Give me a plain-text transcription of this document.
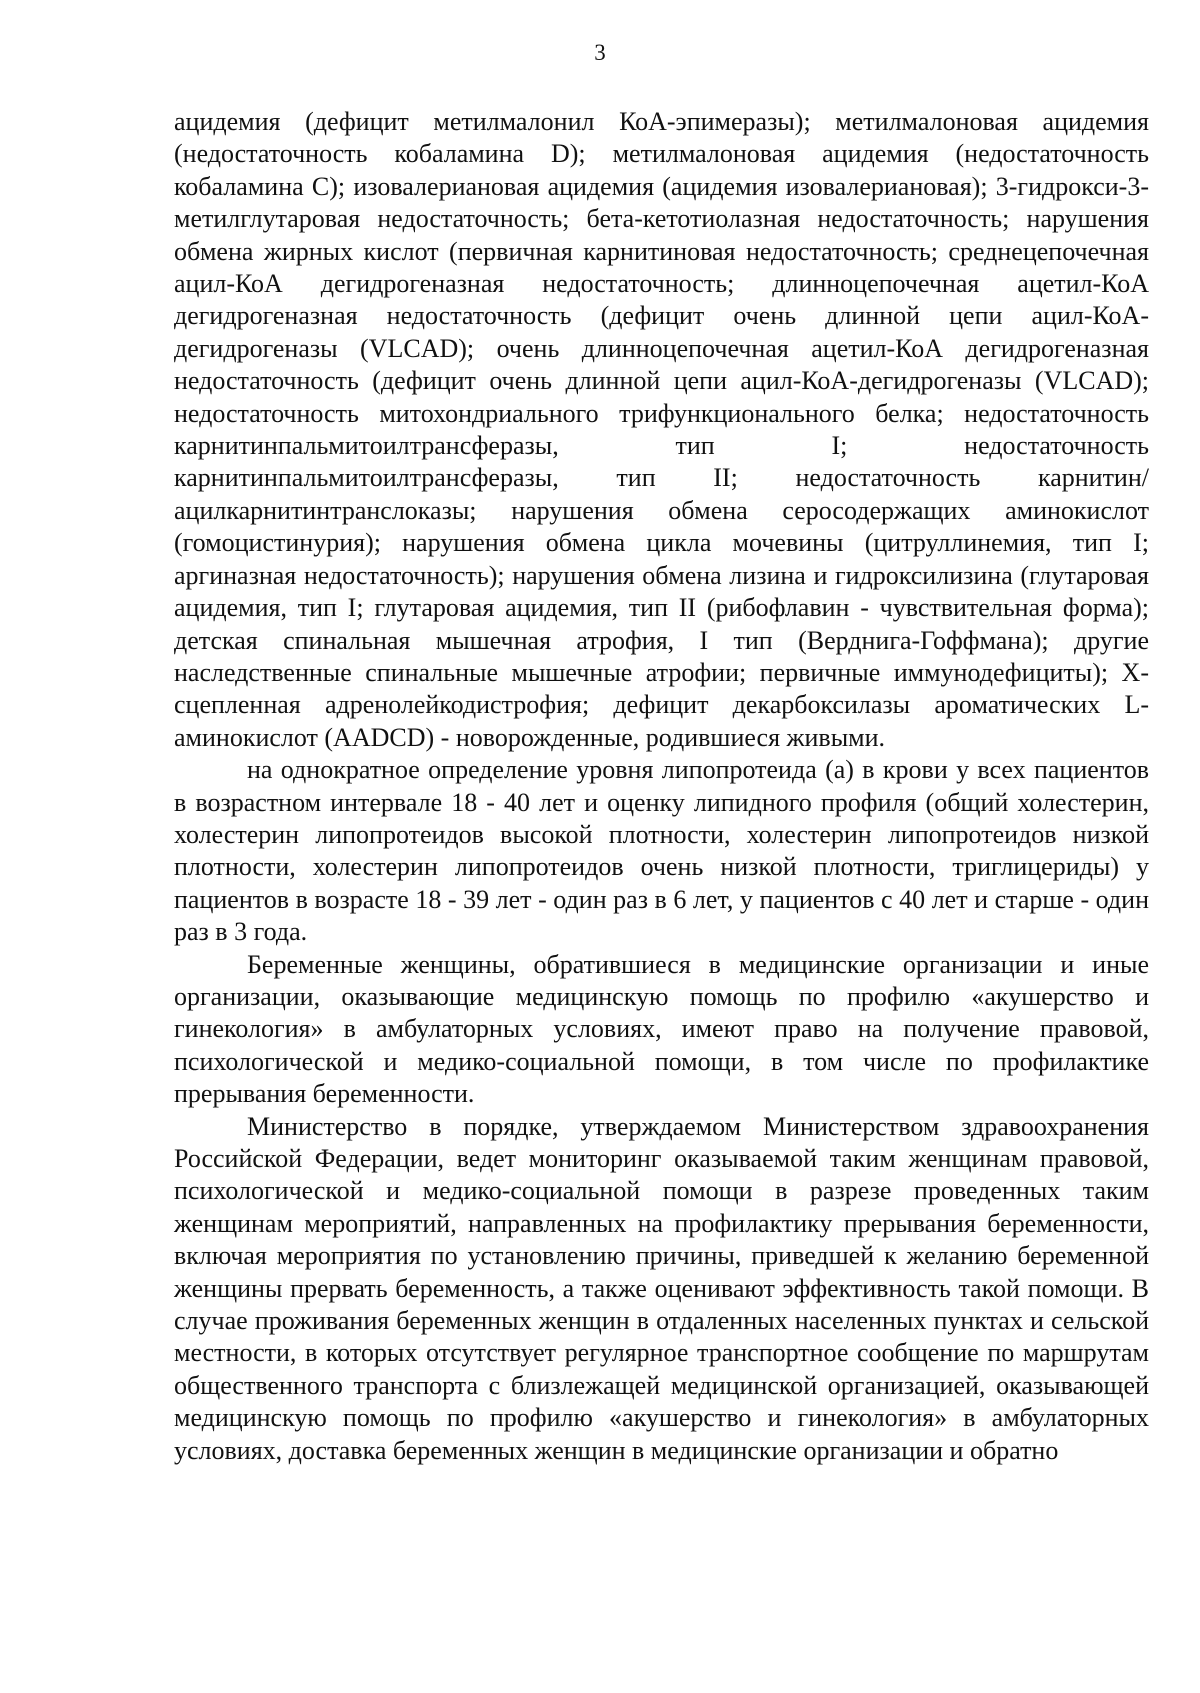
3

ацидемия (дефицит метилмалонил КоА-эпимеразы); метилмалоновая ацидемия (недостаточность кобаламина D); метилмалоновая ацидемия (недостаточность кобаламина С); изовалериановая ацидемия (ацидемия изовалериановая); 3-гидрокси-3-метилглутаровая недостаточность; бета-кетотиолазная недостаточность; нарушения обмена жирных кислот (первичная карнитиновая недостаточность; среднецепочечная ацил-КоА дегидрогеназная недостаточность; длинноцепочечная ацетил-КоА дегидрогеназная недостаточность (дефицит очень длинной цепи ацил-КоА-дегидрогеназы (VLCAD); очень длинноцепочечная ацетил-КоА дегидрогеназная недостаточность (дефицит очень длинной цепи ацил-КоА-дегидрогеназы (VLCAD); недостаточность митохондриального трифункционального белка; недостаточность карнитинпальмитоилтрансферазы, тип I; недостаточность карнитинпальмитоилтрансферазы, тип II; недостаточность карнитин/ацилкарнитинтранслоказы; нарушения обмена серосодержащих аминокислот (гомоцистинурия); нарушения обмена цикла мочевины (цитруллинемия, тип I; аргиназная недостаточность); нарушения обмена лизина и гидроксилизина (глутаровая ацидемия, тип I; глутаровая ацидемия, тип II (рибофлавин - чувствительная форма); детская спинальная мышечная атрофия, I тип (Верднига-Гоффмана); другие наследственные спинальные мышечные атрофии; первичные иммунодефициты); Х-сцепленная адренолейкодистрофия; дефицит декарбоксилазы ароматических L-аминокислот (AADCD) - новорожденные, родившиеся живыми.

на однократное определение уровня липопротеида (а) в крови у всех пациентов в возрастном интервале 18 - 40 лет и оценку липидного профиля (общий холестерин, холестерин липопротеидов высокой плотности, холестерин липопротеидов низкой плотности, холестерин липопротеидов очень низкой плотности, триглицериды) у пациентов в возрасте 18 - 39 лет - один раз в 6 лет, у пациентов с 40 лет и старше - один раз в 3 года.

Беременные женщины, обратившиеся в медицинские организации и иные организации, оказывающие медицинскую помощь по профилю «акушерство и гинекология» в амбулаторных условиях, имеют право на получение правовой, психологической и медико-социальной помощи, в том числе по профилактике прерывания беременности.

Министерство в порядке, утверждаемом Министерством здравоохранения Российской Федерации, ведет мониторинг оказываемой таким женщинам правовой, психологической и медико-социальной помощи в разрезе проведенных таким женщинам мероприятий, направленных на профилактику прерывания беременности, включая мероприятия по установлению причины, приведшей к желанию беременной женщины прервать беременность, а также оценивают эффективность такой помощи. В случае проживания беременных женщин в отдаленных населенных пунктах и сельской местности, в которых отсутствует регулярное транспортное сообщение по маршрутам общественного транспорта с близлежащей медицинской организацией, оказывающей медицинскую помощь по профилю «акушерство и гинекология» в амбулаторных условиях, доставка беременных женщин в медицинские организации и обратно
